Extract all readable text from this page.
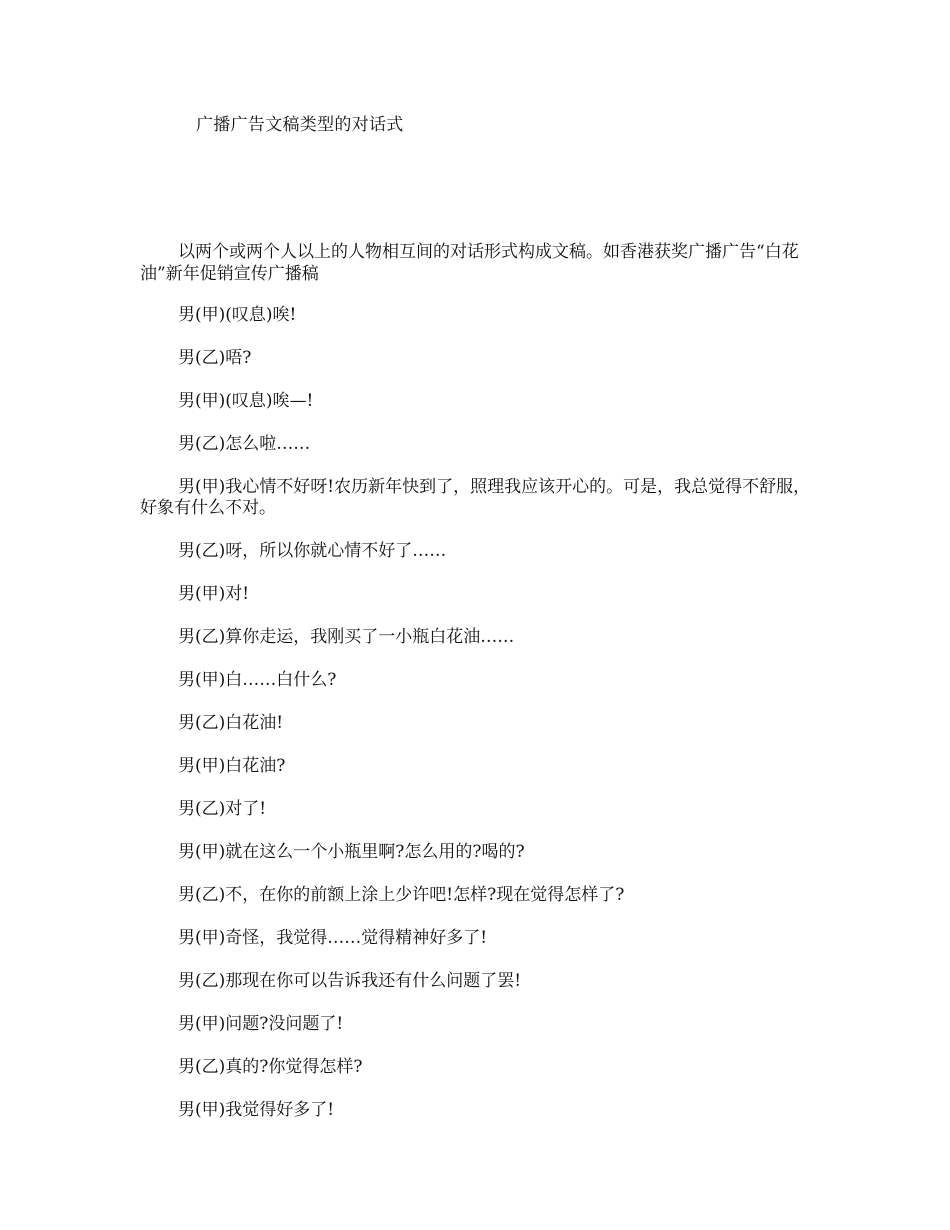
广播广告文稿类型的对话式

以两个或两个人以上的人物相互间的对话形式构成文稿。如香港获奖广播广告“白花油”新年促销宣传广播稿

男(甲)(叹息)唉!

男(乙)唔?

男(甲)(叹息)唉—!

男(乙)怎么啦……

男(甲)我心情不好呀!农历新年快到了，照理我应该开心的。可是，我总觉得不舒服，好象有什么不对。

男(乙)呀，所以你就心情不好了……

男(甲)对!

男(乙)算你走运，我刚买了一小瓶白花油……

男(甲)白……白什么?

男(乙)白花油!

男(甲)白花油?

男(乙)对了!

男(甲)就在这么一个小瓶里啊?怎么用的?喝的?

男(乙)不，在你的前额上涂上少许吧!怎样?现在觉得怎样了?

男(甲)奇怪，我觉得……觉得精神好多了!

男(乙)那现在你可以告诉我还有什么问题了罢!

男(甲)问题?没问题了!

男(乙)真的?你觉得怎样?

男(甲)我觉得好多了!
